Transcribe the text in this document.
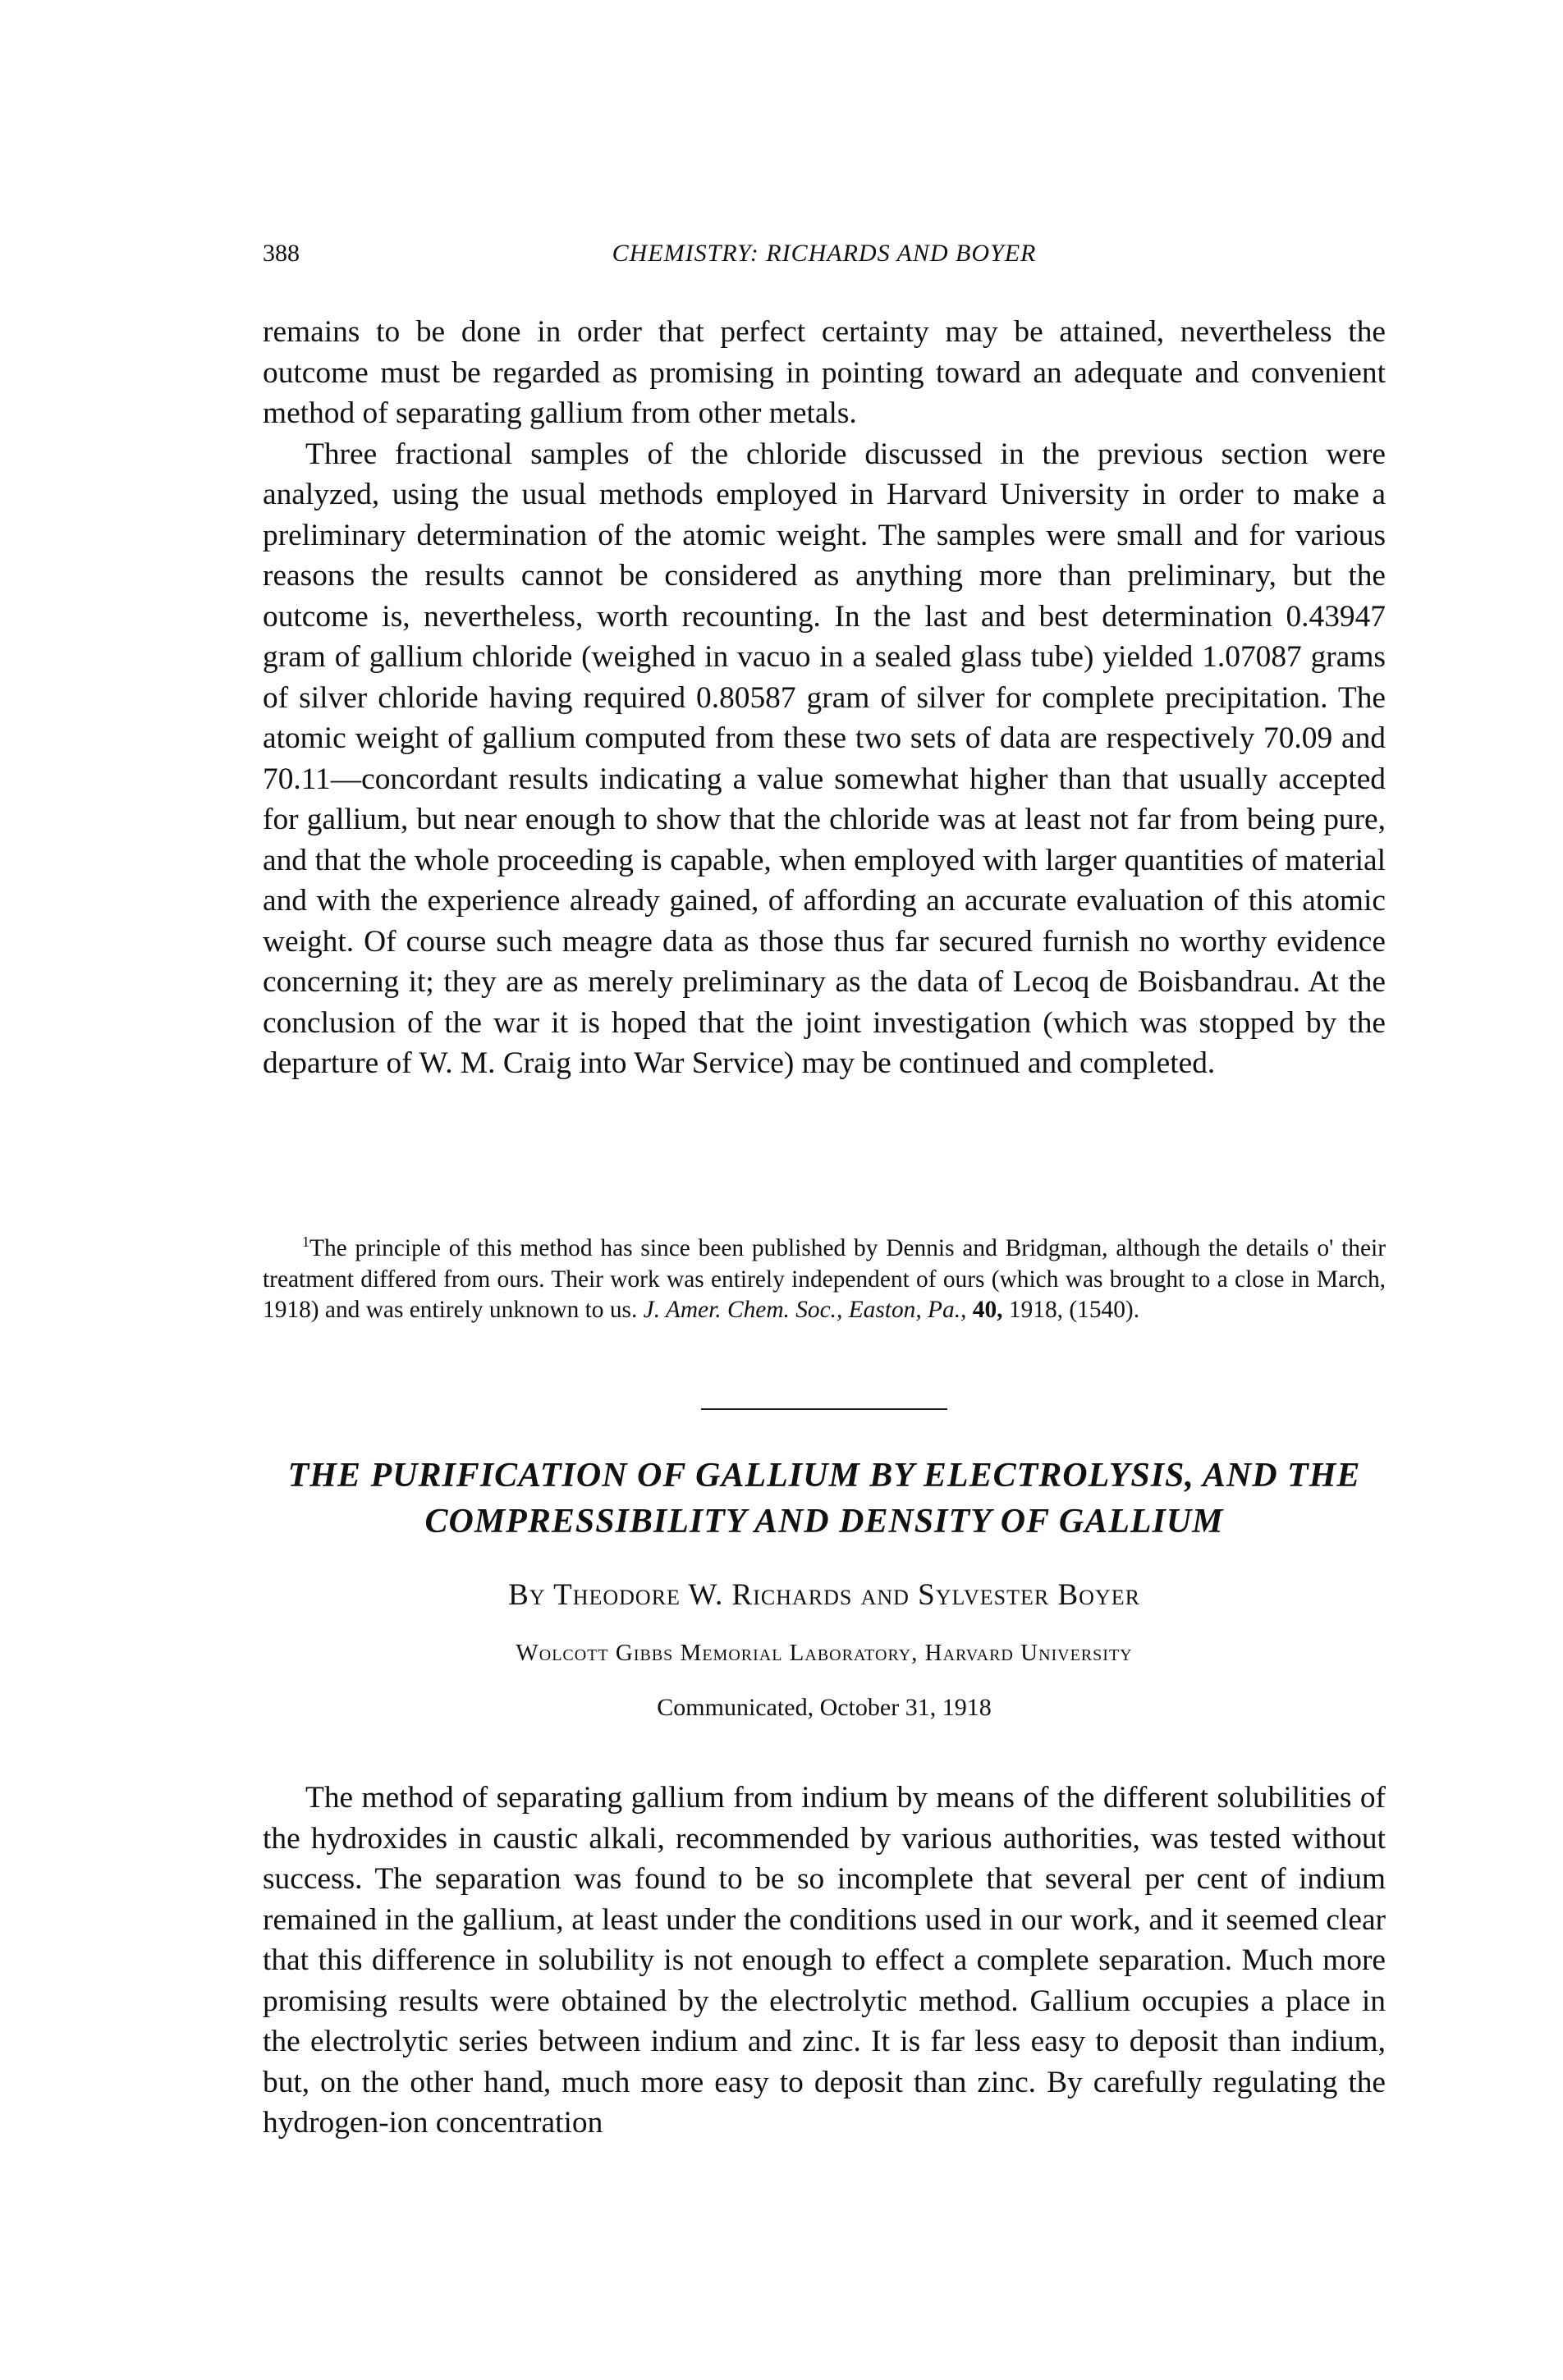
388	CHEMISTRY: RICHARDS AND BOYER

remains to be done in order that perfect certainty may be attained, nevertheless the outcome must be regarded as promising in pointing toward an adequate and convenient method of separating gallium from other metals.

Three fractional samples of the chloride discussed in the previous section were analyzed, using the usual methods employed in Harvard University in order to make a preliminary determination of the atomic weight. The samples were small and for various reasons the results cannot be considered as anything more than preliminary, but the outcome is, nevertheless, worth recounting. In the last and best determination 0.43947 gram of gallium chloride (weighed in vacuo in a sealed glass tube) yielded 1.07087 grams of silver chloride having required 0.80587 gram of silver for complete precipitation. The atomic weight of gallium computed from these two sets of data are respectively 70.09 and 70.11—concordant results indicating a value somewhat higher than that usually accepted for gallium, but near enough to show that the chloride was at least not far from being pure, and that the whole proceeding is capable, when employed with larger quantities of material and with the experience already gained, of affording an accurate evaluation of this atomic weight. Of course such meagre data as those thus far secured furnish no worthy evidence concerning it; they are as merely preliminary as the data of Lecoq de Boisbandrau. At the conclusion of the war it is hoped that the joint investigation (which was stopped by the departure of W. M. Craig into War Service) may be continued and completed.

$^1$The principle of this method has since been published by Dennis and Bridgman, although the details o' their treatment differed from ours. Their work was entirely independent of ours (which was brought to a close in March, 1918) and was entirely unknown to us. J. Amer. Chem. Soc., Easton, Pa., 40, 1918, (1540).

THE PURIFICATION OF GALLIUM BY ELECTROLYSIS, AND THE
COMPRESSIBILITY AND DENSITY OF GALLIUM

By Theodore W. Richards and Sylvester Boyer

Wolcott Gibbs Memorial Laboratory, Harvard University

Communicated, October 31, 1918

The method of separating gallium from indium by means of the different solubilities of the hydroxides in caustic alkali, recommended by various authorities, was tested without success. The separation was found to be so incomplete that several per cent of indium remained in the gallium, at least under the conditions used in our work, and it seemed clear that this difference in solubility is not enough to effect a complete separation. Much more promising results were obtained by the electrolytic method. Gallium occupies a place in the electrolytic series between indium and zinc. It is far less easy to deposit than indium, but, on the other hand, much more easy to deposit than zinc. By carefully regulating the hydrogen-ion concentration
